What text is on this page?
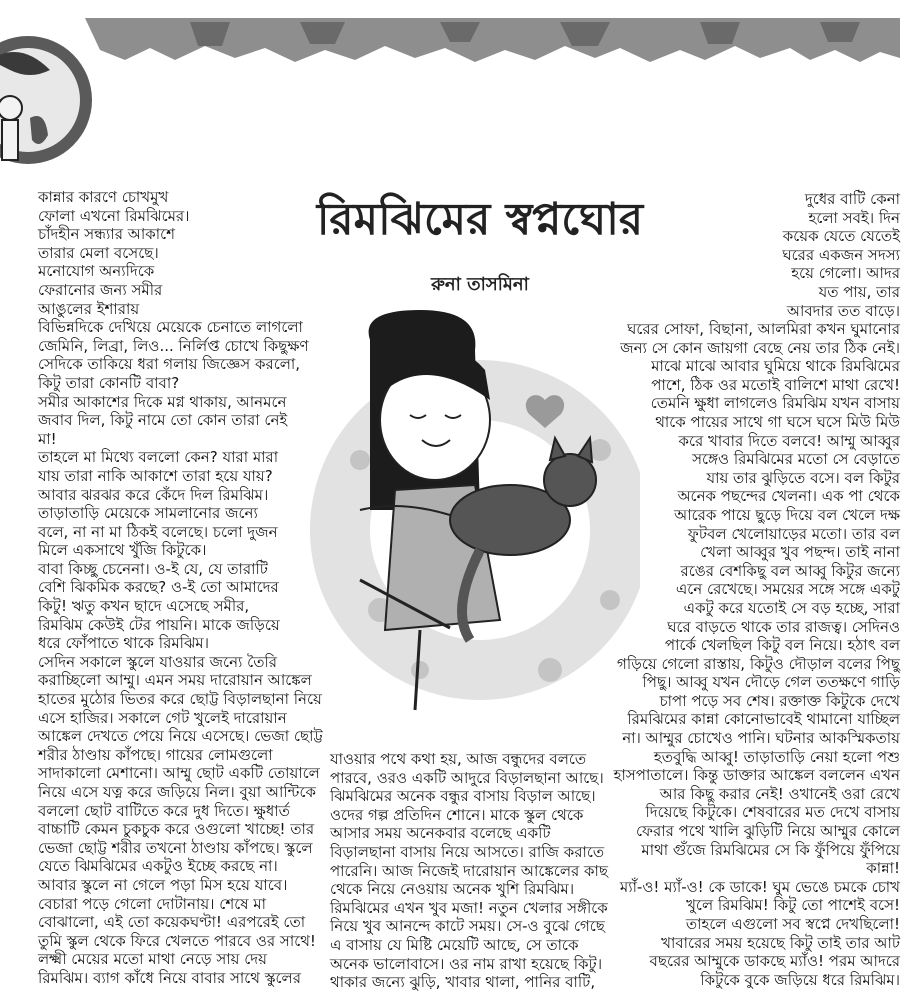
রিমঝিমের স্বপ্নঘোর
রুনা তাসমিনা
কান্নার কারণে চোখমুখ
ফোলা এখনো রিমঝিমের।
চাঁদহীন সন্ধ্যার আকাশে
তারার মেলা বসেছে।
মনোযোগ অন্যদিকে
ফেরানোর জন্য সমীর
আঙুলের ইশারায়
বিভিন্নদিকে দেখিয়ে মেয়েকে চেনাতে লাগলো
জেমিনি, লিব্রা, লিও... নির্লিপ্ত চোখে কিছুক্ষণ
সেদিকে তাকিয়ে ধরা গলায় জিজ্ঞেস করলো,
কিটু তারা কোনটি বাবা?
সমীর আকাশের দিকে মগ্ন থাকায়, আনমনে
জবাব দিল, কিটু নামে তো কোন তারা নেই
মা!
তাহলে মা মিথ্যে বললো কেন? যারা মারা
যায় তারা নাকি আকাশে তারা হয়ে যায়?
আবার ঝরঝর করে কেঁদে দিল রিমঝিম।
তাড়াতাড়ি মেয়েকে সামলানোর জন্যে
বলে, না না মা ঠিকই বলেছে। চলো দুজন
মিলে একসাথে খুঁজি কিটুকে।
বাবা কিচ্ছু চেনেনা। ও-ই যে, যে তারাটি
বেশি ঝিকমিক করছে? ও-ই তো আমাদের
কিটু! ঋতু কখন ছাদে এসেছে সমীর,
রিমঝিম কেউই টের পায়নি। মাকে জড়িয়ে
ধরে ফোঁপাতে থাকে রিমঝিম।
সেদিন সকালে স্কুলে যাওয়ার জন্যে তৈরি
করাচ্ছিলো আম্মু। এমন সময় দারোয়ান আঙ্কেল
হাতের মুঠোর ভিতর করে ছোট্ট বিড়ালছানা নিয়ে
এসে হাজির। সকালে গেট খুলেই দারোয়ান
আঙ্কেল দেখতে পেয়ে নিয়ে এসেছে। ভেজা ছোট্ট
শরীর ঠাণ্ডায় কাঁপছে। গায়ের লোমগুলো
সাদাকালো মেশানো। আম্মু ছোট একটি তোয়ালে
নিয়ে এসে যত্ন করে জড়িয়ে নিল। বুয়া আন্টিকে
বললো ছোট বাটিতে করে দুধ দিতে। ক্ষুধার্ত
বাচ্চাটি কেমন চুকচুক করে ওগুলো খাচ্ছে! তার
ভেজা ছোট্ট শরীর তখনো ঠাণ্ডায় কাঁপছে। স্কুলে
যেতে ঝিমঝিমের একটুও ইচ্ছে করছে না।
আবার স্কুলে না গেলে পড়া মিস হয়ে যাবে।
বেচারা পড়ে গেলো দোটানায়। শেষে মা
বোঝালো, এই তো কয়েকঘণ্টা! এরপরেই তো
তুমি স্কুল থেকে ফিরে খেলতে পারবে ওর সাথে!
লক্ষ্মী মেয়ের মতো মাথা নেড়ে সায় দেয়
রিমঝিম। ব্যাগ কাঁধে নিয়ে বাবার সাথে স্কুলের
যাওয়ার পথে কথা হয়, আজ বন্ধুদের বলতে
পারবে, ওরও একটি আদুরে বিড়ালছানা আছে।
ঝিমঝিমের অনেক বন্ধুর বাসায় বিড়াল আছে।
ওদের গল্প প্রতিদিন শোনে। মাকে স্কুল থেকে
আসার সময় অনেকবার বলেছে একটি
বিড়ালছানা বাসায় নিয়ে আসতে। রাজি করাতে
পারেনি। আজ নিজেই দারোয়ান আঙ্কেলের কাছ
থেকে নিয়ে নেওয়ায় অনেক খুশি রিমঝিম।
রিমঝিমের এখন খুব মজা! নতুন খেলার সঙ্গীকে
নিয়ে খুব আনন্দে কাটে সময়। সে-ও বুঝে গেছে
এ বাসায় যে মিষ্টি মেয়েটি আছে, সে তাকে
অনেক ভালোবাসে। ওর নাম রাখা হয়েছে কিটু।
থাকার জন্যে ঝুড়ি, খাবার থালা, পানির বাটি,
দুধের বাটি কেনা
হলো সবই। দিন
কয়েক যেতে যেতেই
ঘরের একজন সদস্য
হয়ে গেলো। আদর
যত পায়, তার
আবদার তত বাড়ে।
ঘরের সোফা, বিছানা, আলমিরা কখন ঘুমানোর
জন্য সে কোন জায়গা বেছে নেয় তার ঠিক নেই।
মাঝে মাঝে আবার ঘুমিয়ে থাকে রিমঝিমের
পাশে, ঠিক ওর মতোই বালিশে মাথা রেখে!
তেমনি ক্ষুধা লাগলেও রিমঝিম যখন বাসায়
থাকে পায়ের সাথে গা ঘসে ঘসে মিউ মিউ
করে খাবার দিতে বলবে! আম্মু আব্বুর
সঙ্গেও রিমঝিমের মতো সে বেড়াতে
যায় তার ঝুড়িতে বসে। বল কিটুর
অনেক পছন্দের খেলনা। এক পা থেকে
আরেক পায়ে ছুড়ে দিয়ে বল খেলে দক্ষ
ফুটবল খেলোয়াড়ের মতো। তার বল
খেলা আব্বুর খুব পছন্দ। তাই নানা
রঙের বেশকিছু বল আব্বু কিটুর জন্যে
এনে রেখেছে। সময়ের সঙ্গে সঙ্গে একটু
একটু করে যতোই সে বড় হচ্ছে, সারা
ঘরে বাড়তে থাকে তার রাজত্ব। সেদিনও
পার্কে খেলছিল কিটু বল নিয়ে। হঠাৎ বল
গড়িয়ে গেলো রাস্তায়, কিটুও দৌড়াল বলের পিছু
পিছু। আব্বু যখন দৌড়ে গেল ততক্ষণে গাড়ি
চাপা পড়ে সব শেষ। রক্তাক্ত কিটুকে দেখে
রিমঝিমের কান্না কোনোভাবেই থামানো যাচ্ছিল
না। আম্মুর চোখেও পানি। ঘটনার আকস্মিকতায়
হতবুদ্ধি আব্বু! তাড়াতাড়ি নেয়া হলো পশু
হাসপাতালে। কিন্তু ডাক্তার আঙ্কেল বললেন এখন
আর কিছু করার নেই! ওখানেই ওরা রেখে
দিয়েছে কিটুকে। শেষবারের মত দেখে বাসায়
ফেরার পথে খালি ঝুড়িটি নিয়ে আম্মুর কোলে
মাথা গুঁজে রিমঝিমের সে কি ফুঁপিয়ে ফুঁপিয়ে
কান্না!
ম্যাঁ-ও! ম্যাঁ-ও! কে ডাকে! ঘুম ভেঙে চমকে চোখ
খুলে রিমঝিম! কিটু তো পাশেই বসে!
তাহলে এগুলো সব স্বপ্নে দেখছিলো!
খাবারের সময় হয়েছে কিটু তাই তার আট
বছরের আম্মুকে ডাকছে ম্যাঁও! পরম আদরে
কিটুকে বুকে জড়িয়ে ধরে রিমঝিম।
